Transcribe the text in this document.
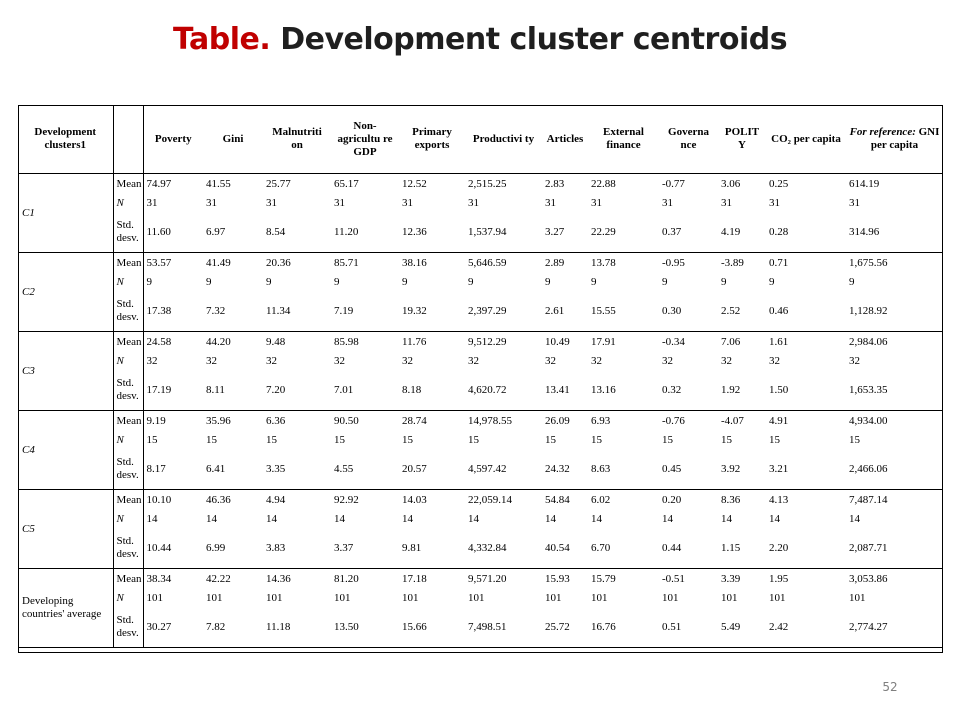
Table. Development cluster centroids
Development clusters1		Poverty	Gini	Malnutriti on	Non- agricultu re GDP	Primary exports	Productivi ty	Articles	External finance	Governa nce	POLIT Y	CO₂ per capita	For reference: GNI per capita
C1	Mean	74.97	41.55	25.77	65.17	12.52	2,515.25	2.83	22.88	-0.77	3.06	0.25	614.19
	N	31	31	31	31	31	31	31	31	31	31	31	31
	Std. desv.	11.60	6.97	8.54	11.20	12.36	1,537.94	3.27	22.29	0.37	4.19	0.28	314.96
C2	Mean	53.57	41.49	20.36	85.71	38.16	5,646.59	2.89	13.78	-0.95	-3.89	0.71	1,675.56
	N	9	9	9	9	9	9	9	9	9	9	9	9
	Std. desv.	17.38	7.32	11.34	7.19	19.32	2,397.29	2.61	15.55	0.30	2.52	0.46	1,128.92
C3	Mean	24.58	44.20	9.48	85.98	11.76	9,512.29	10.49	17.91	-0.34	7.06	1.61	2,984.06
	N	32	32	32	32	32	32	32	32	32	32	32	32
	Std. desv.	17.19	8.11	7.20	7.01	8.18	4,620.72	13.41	13.16	0.32	1.92	1.50	1,653.35
C4	Mean	9.19	35.96	6.36	90.50	28.74	14,978.55	26.09	6.93	-0.76	-4.07	4.91	4,934.00
	N	15	15	15	15	15	15	15	15	15	15	15	15
	Std. desv.	8.17	6.41	3.35	4.55	20.57	4,597.42	24.32	8.63	0.45	3.92	3.21	2,466.06
C5	Mean	10.10	46.36	4.94	92.92	14.03	22,059.14	54.84	6.02	0.20	8.36	4.13	7,487.14
	N	14	14	14	14	14	14	14	14	14	14	14	14
	Std. desv.	10.44	6.99	3.83	3.37	9.81	4,332.84	40.54	6.70	0.44	1.15	2.20	2,087.71
Developing countries' average	Mean	38.34	42.22	14.36	81.20	17.18	9,571.20	15.93	15.79	-0.51	3.39	1.95	3,053.86
	N	101	101	101	101	101	101	101	101	101	101	101	101
	Std. desv.	30.27	7.82	11.18	13.50	15.66	7,498.51	25.72	16.76	0.51	5.49	2.42	2,774.27
52
